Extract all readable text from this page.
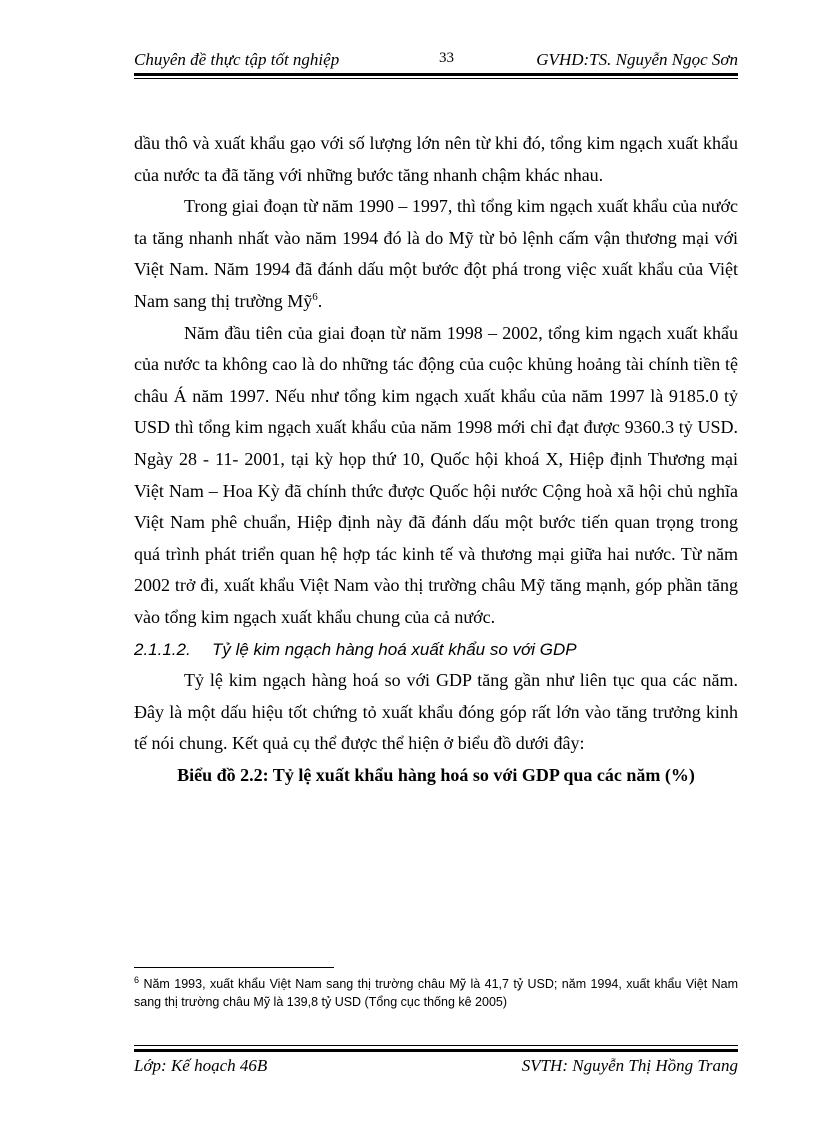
Chuyên đề thực tập tốt nghiệp	33	GVHD:TS. Nguyễn Ngọc Sơn

dầu thô và xuất khẩu gạo với số lượng lớn nên từ khi đó, tổng kim ngạch xuất khẩu của nước ta đã tăng với những bước tăng nhanh chậm khác nhau.

Trong giai đoạn từ năm 1990 – 1997, thì tổng kim ngạch xuất khẩu của nước ta tăng nhanh nhất vào năm 1994 đó là do Mỹ từ bỏ lệnh cấm vận thương mại với Việt Nam. Năm 1994 đã đánh dấu một bước đột phá trong việc xuất khẩu của Việt Nam sang thị trường Mỹ$^6$.

Năm đầu tiên của giai đoạn từ năm 1998 – 2002, tổng kim ngạch xuất khẩu của nước ta không cao là do những tác động của cuộc khủng hoảng tài chính tiền tệ châu Á năm 1997. Nếu như tổng kim ngạch xuất khẩu của năm 1997 là 9185.0 tỷ USD thì tổng kim ngạch xuất khẩu của năm 1998 mới chỉ đạt được 9360.3 tỷ USD. Ngày 28 - 11- 2001, tại kỳ họp thứ 10, Quốc hội khoá X, Hiệp định Thương mại Việt Nam – Hoa Kỳ đã chính thức được Quốc hội nước Cộng hoà xã hội chủ nghĩa Việt Nam phê chuẩn, Hiệp định này đã đánh dấu một bước tiến quan trọng trong quá trình phát triển quan hệ hợp tác kinh tế và thương mại giữa hai nước. Từ năm 2002 trở đi, xuất khẩu Việt Nam vào thị trường châu Mỹ tăng mạnh, góp phần tăng vào tổng kim ngạch xuất khẩu chung của cả nước.

2.1.1.2. Tỷ lệ kim ngạch hàng hoá xuất khẩu so với GDP

Tỷ lệ kim ngạch hàng hoá so với GDP tăng gần như liên tục qua các năm. Đây là một dấu hiệu tốt chứng tỏ xuất khẩu đóng góp rất lớn vào tăng trưởng kinh tế nói chung. Kết quả cụ thể được thể hiện ở biểu đồ dưới đây:

Biểu đồ 2.2: Tỷ lệ xuất khẩu hàng hoá so với GDP qua các năm (%)

$^6$ Năm 1993, xuất khẩu Việt Nam sang thị trường châu Mỹ là 41,7 tỷ USD; năm 1994, xuất khẩu Việt Nam sang thị trường châu Mỹ là 139,8 tỷ USD (Tổng cục thống kê 2005)
Lớp: Kế hoạch 46B	SVTH: Nguyễn Thị Hồng Trang
